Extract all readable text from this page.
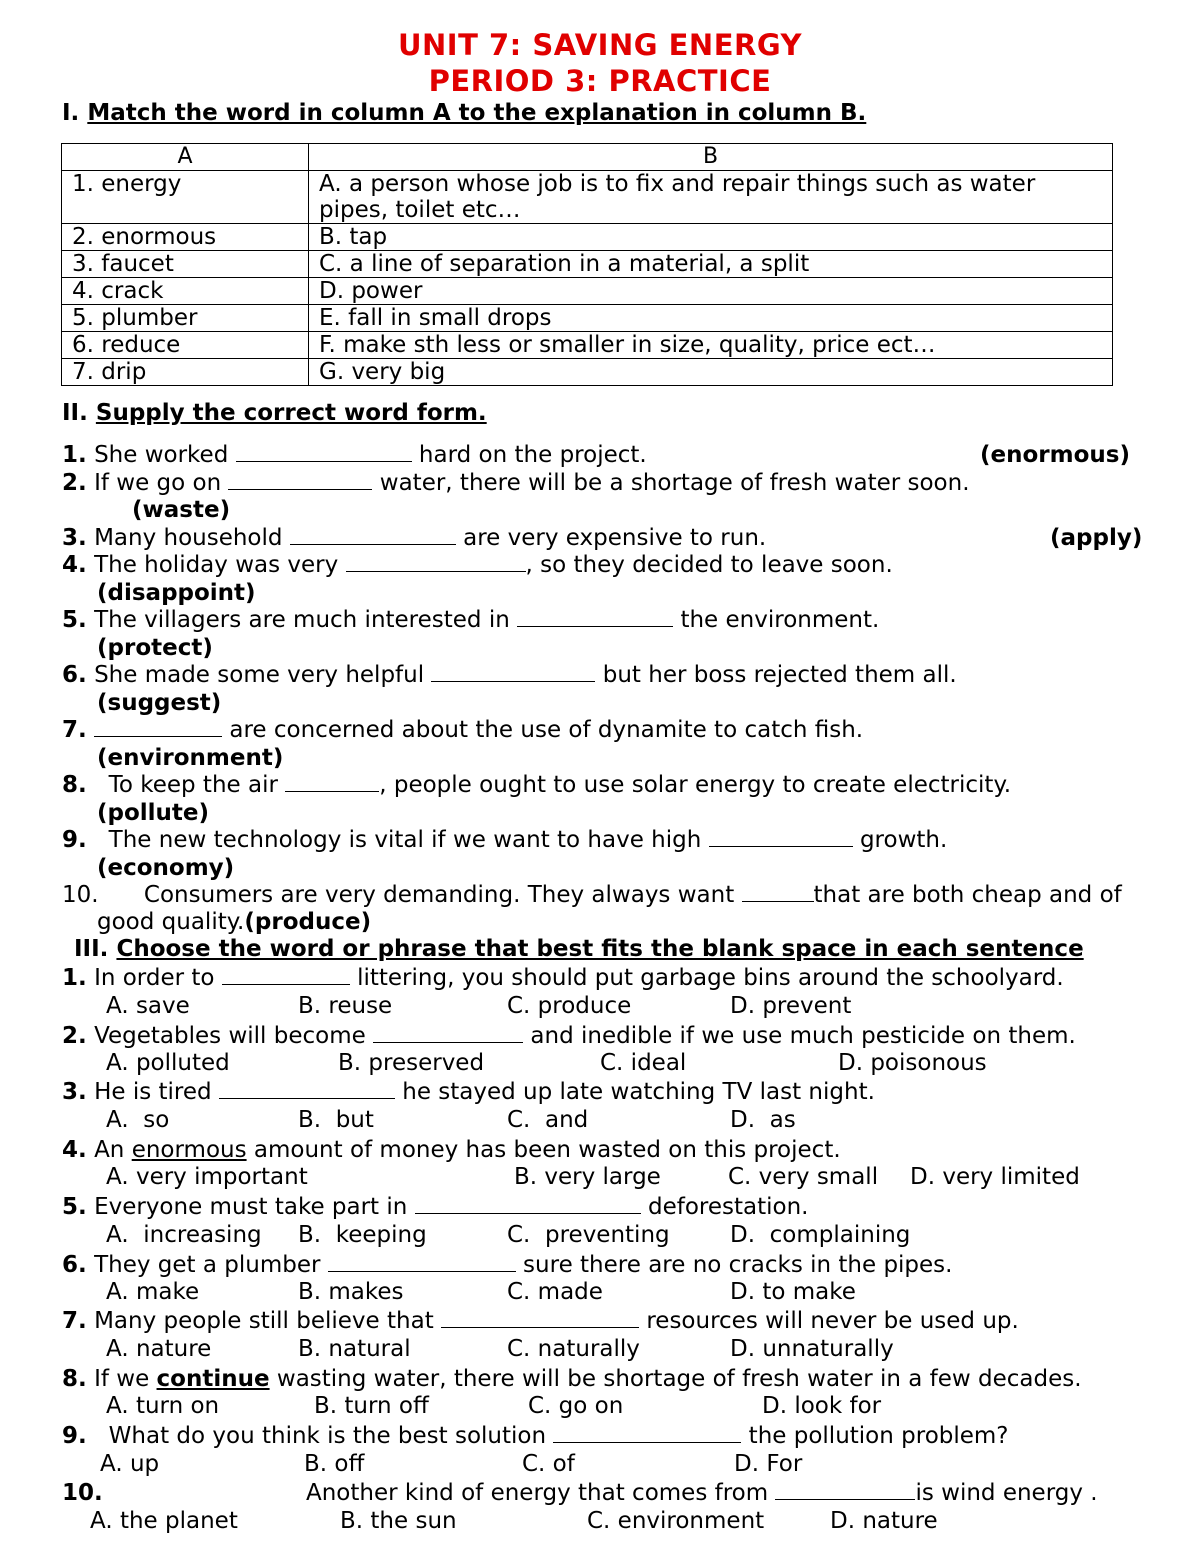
UNIT 7: SAVING ENERGY
PERIOD 3: PRACTICE
I. Match the word in column A to the explanation in column B.
A	B
1. energy	A. a person whose job is to fix and repair things such as water pipes, toilet etc…
2. enormous	B. tap
3. faucet	C. a line of separation in a material, a split
4. crack	D. power
5. plumber	E. fall in small drops
6. reduce	F. make sth less or smaller in size, quality, price ect…
7. drip	G. very big
II. Supply the correct word form.
1. She worked	hard on the project.	(enormous)
2. If we go on	water, there will be a shortage of fresh water soon.
(waste)
3. Many household	are very expensive to run.	(apply)
4. The holiday was very	, so they decided to leave soon.
(disappoint)
5. The villagers are much interested in	the environment.
(protect)
6. She made some very helpful	but her boss rejected them all.
(suggest)
7.	are concerned about the use of dynamite to catch fish.
(environment)
8.   To keep the air	, people ought to use solar energy to create electricity.
(pollute)
9.   The new technology is vital if we want to have high	growth.
(economy)
10. Consumers are very demanding. They always want	that are both cheap and of
good quality.(produce)
III. Choose the word or phrase that best fits the blank space in each sentence
1. In order to	littering, you should put garbage bins around the schoolyard.
A. save	B. reuse	C. produce	D. prevent
2. Vegetables will become	and inedible if we use much pesticide on them.
A. polluted	B. preserved	C. ideal	D. poisonous
3. He is tired	he stayed up late watching TV last night.
A.  so	B.  but	C.  and	D.  as
4. An enormous amount of money has been wasted on this project.
A. very important	B. very large	C. very small D. very limited
5. Everyone must take part in	deforestation.
A.  increasing B.  keeping	C.  preventing	D.  complaining
6. They get a plumber	sure there are no cracks in the pipes.
A. make	B. makes	C. made	D. to make
7. Many people still believe that	resources will never be used up.
A. nature	B. natural	C. naturally	D. unnaturally
8. If we continue wasting water, there will be shortage of fresh water in a few decades.
A. turn on	B. turn off	C. go on	D. look for
9.   What do you think is the best solution	the pollution problem?
A. up	B. off	C. of	D. For
10.	Another kind of energy that comes from	is wind energy .
A. the planet	B. the sun	C. environment	D. nature
